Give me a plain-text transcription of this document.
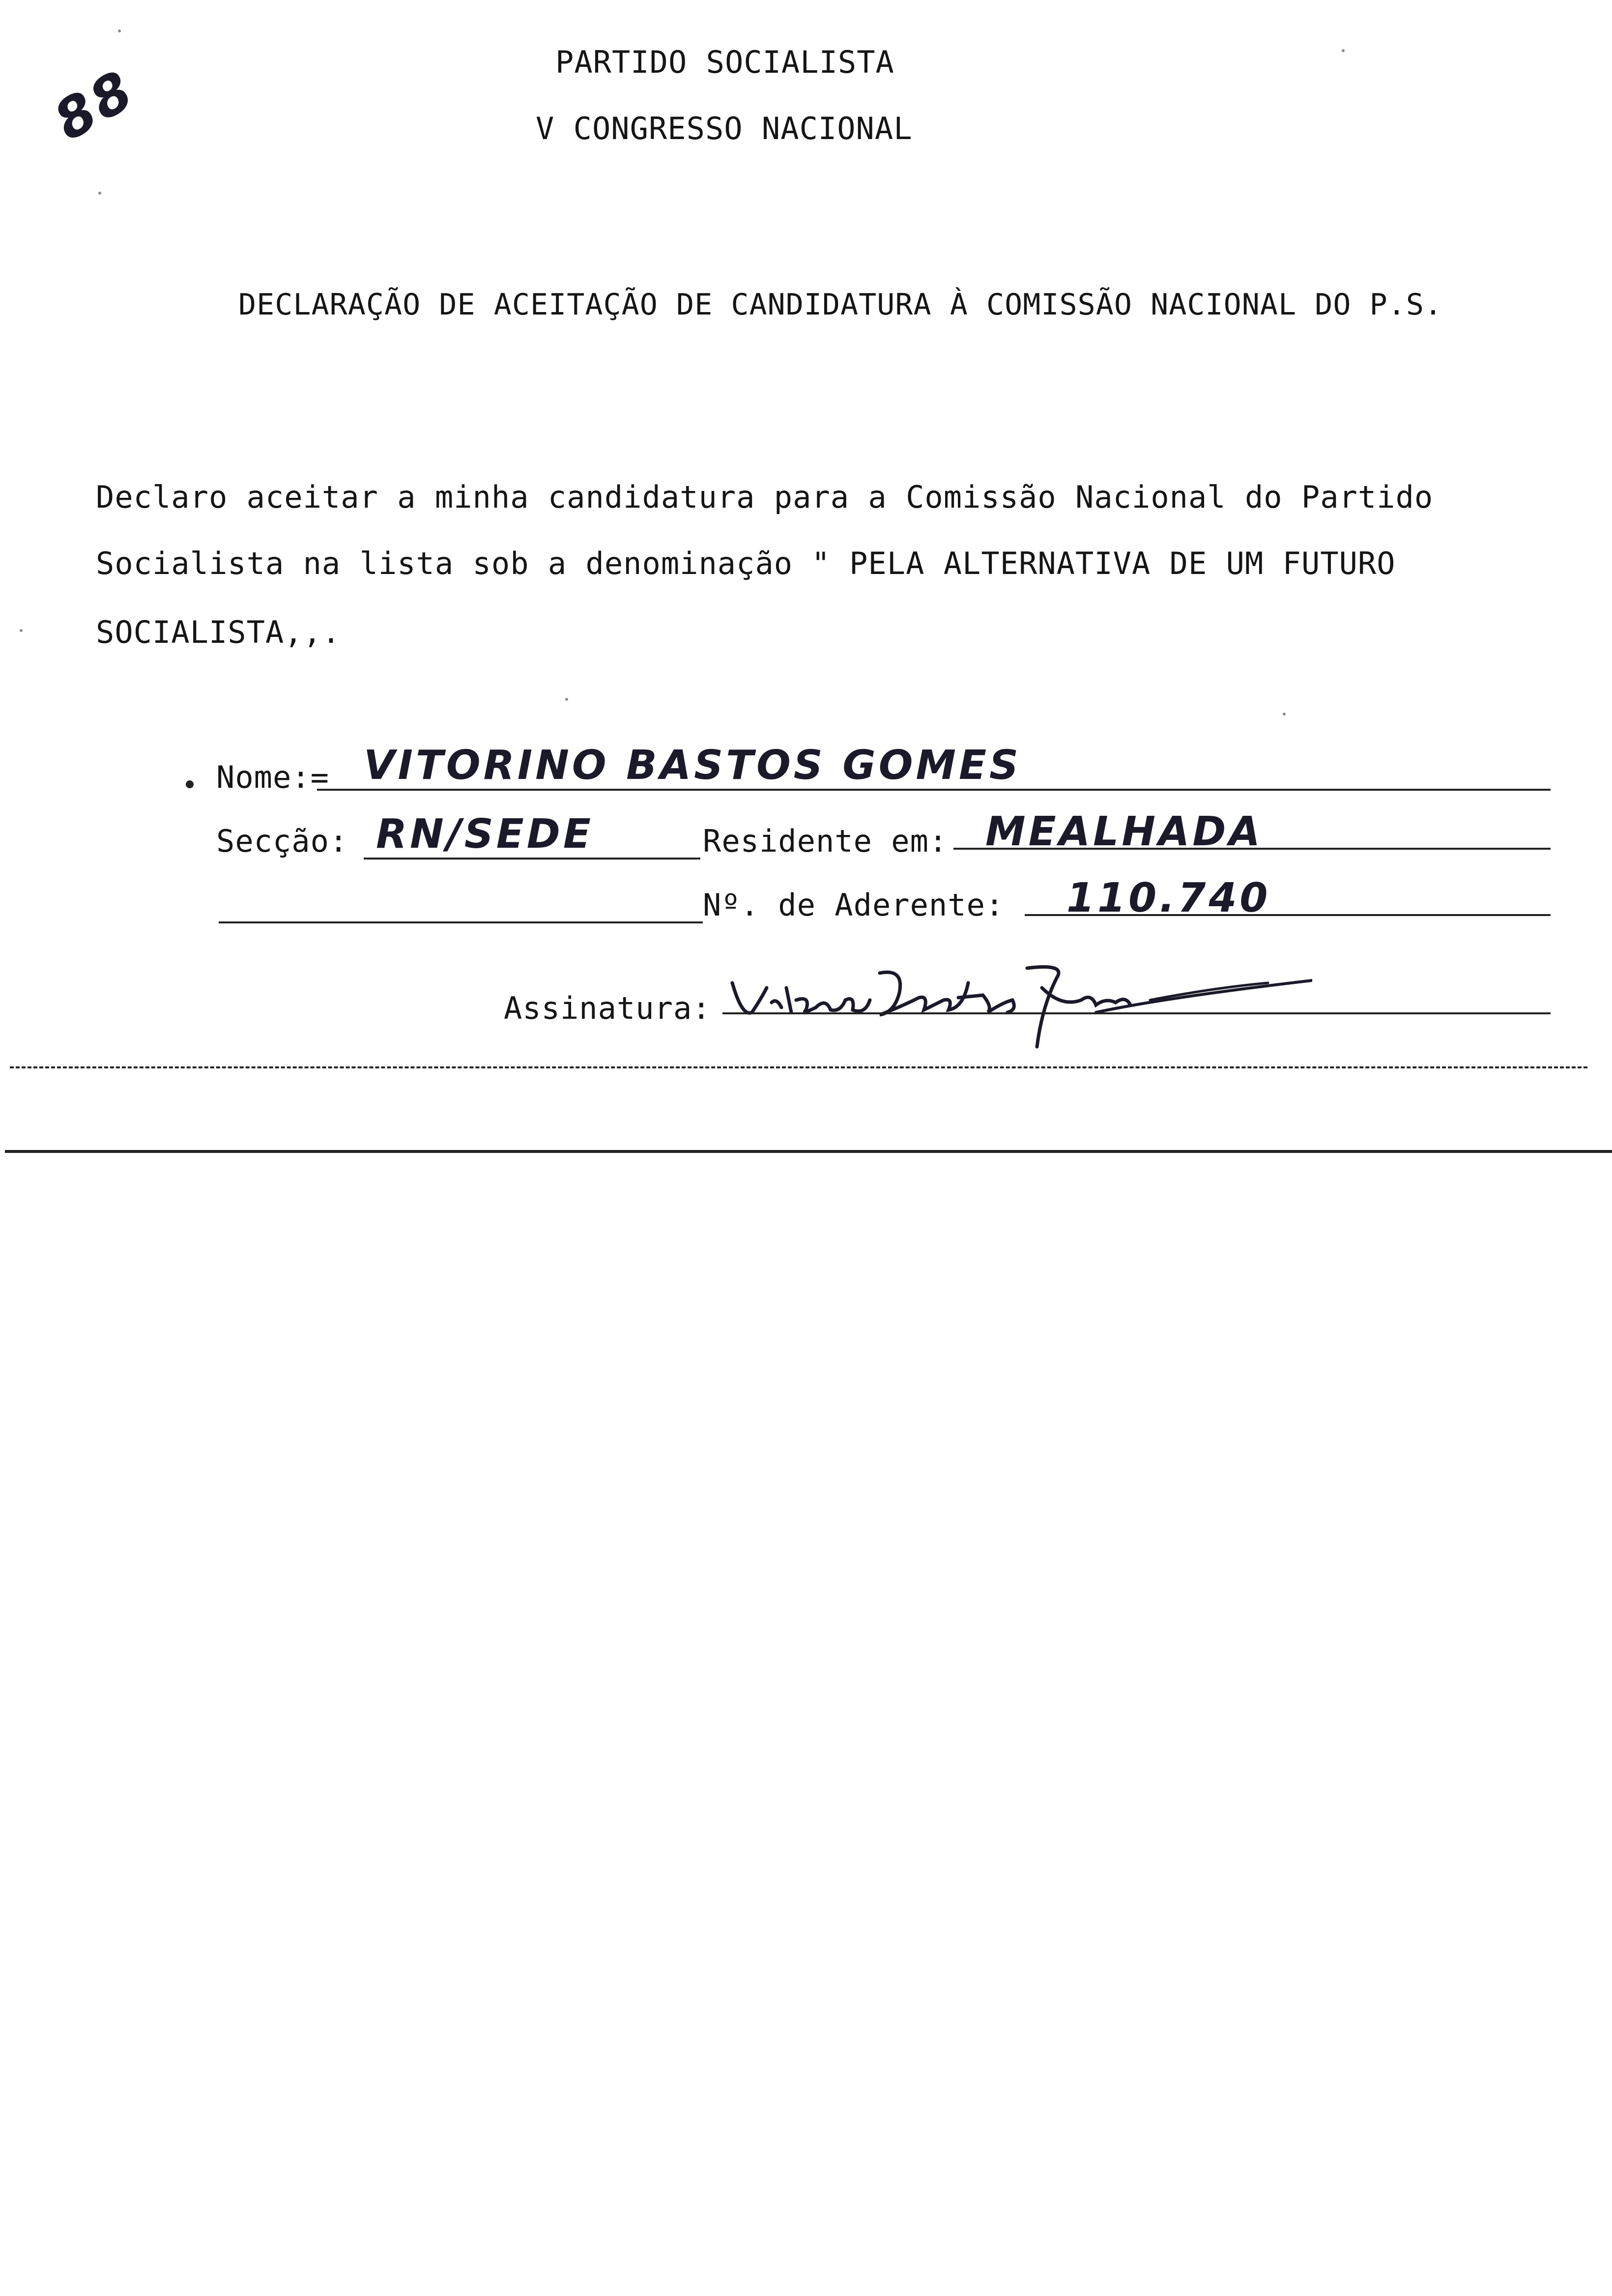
88	PARTIDO SOCIALISTA
V CONGRESSO NACIONAL
DECLARAÇÃO DE ACEITAÇÃO DE CANDIDATURA À COMISSÃO NACIONAL DO P.S.
Declaro aceitar a minha candidatura para a Comissão Nacional do Partido
Socialista na lista sob a denominação " PELA ALTERNATIVA DE UM FUTURO
SOCIALISTA,,.
Nome:= VITORINO BASTOS GOMES
Secção: RN/SEDE	Residente em: MEALHADA
Nº. de Aderente: 110.740
Assinatura:
